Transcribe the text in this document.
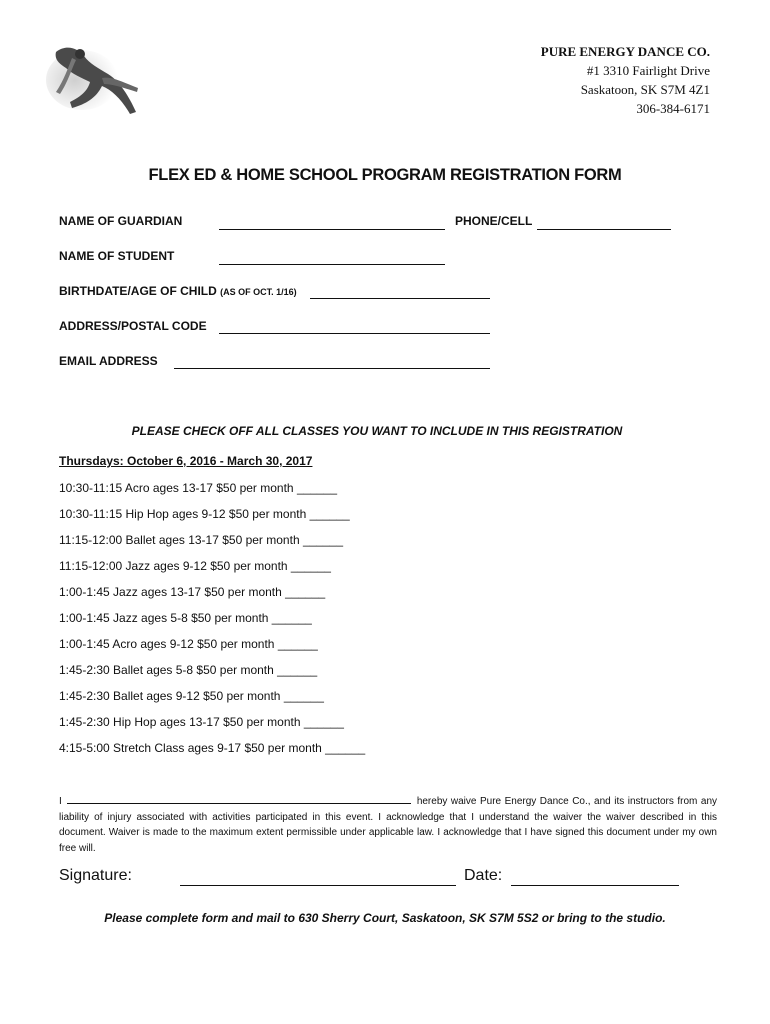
PURE ENERGY DANCE CO.
#1 3310 Fairlight Drive
Saskatoon, SK S7M 4Z1
306-384-6171
FLEX ED & HOME SCHOOL PROGRAM REGISTRATION FORM
NAME OF GUARDIAN	PHONE/CELL
NAME OF STUDENT
BIRTHDATE/AGE OF CHILD (AS OF OCT. 1/16)
ADDRESS/POSTAL CODE
EMAIL ADDRESS
PLEASE CHECK OFF ALL CLASSES YOU WANT TO INCLUDE IN THIS REGISTRATION
Thursdays: October 6, 2016 - March 30, 2017
10:30-11:15 Acro ages 13-17 $50 per month ______
10:30-11:15 Hip Hop ages 9-12 $50 per month ______
11:15-12:00 Ballet ages 13-17 $50 per month ______
11:15-12:00 Jazz ages 9-12 $50 per month ______
1:00-1:45 Jazz ages 13-17 $50 per month ______
1:00-1:45 Jazz ages 5-8 $50 per month ______
1:00-1:45 Acro ages 9-12 $50 per month ______
1:45-2:30 Ballet ages 5-8 $50 per month ______
1:45-2:30 Ballet ages 9-12 $50 per month ______
1:45-2:30 Hip Hop ages 13-17 $50 per month ______
4:15-5:00 Stretch Class ages 9-17 $50 per month ______
I	hereby waive Pure Energy Dance Co., and its instructors from any liability of injury associated with activities participated in this event. I acknowledge that I understand the waiver the waiver described in this document. Waiver is made to the maximum extent permissible under applicable law. I acknowledge that I have signed this document under my own free will.
Signature:	Date:
Please complete form and mail to 630 Sherry Court, Saskatoon, SK S7M 5S2 or bring to the studio.
